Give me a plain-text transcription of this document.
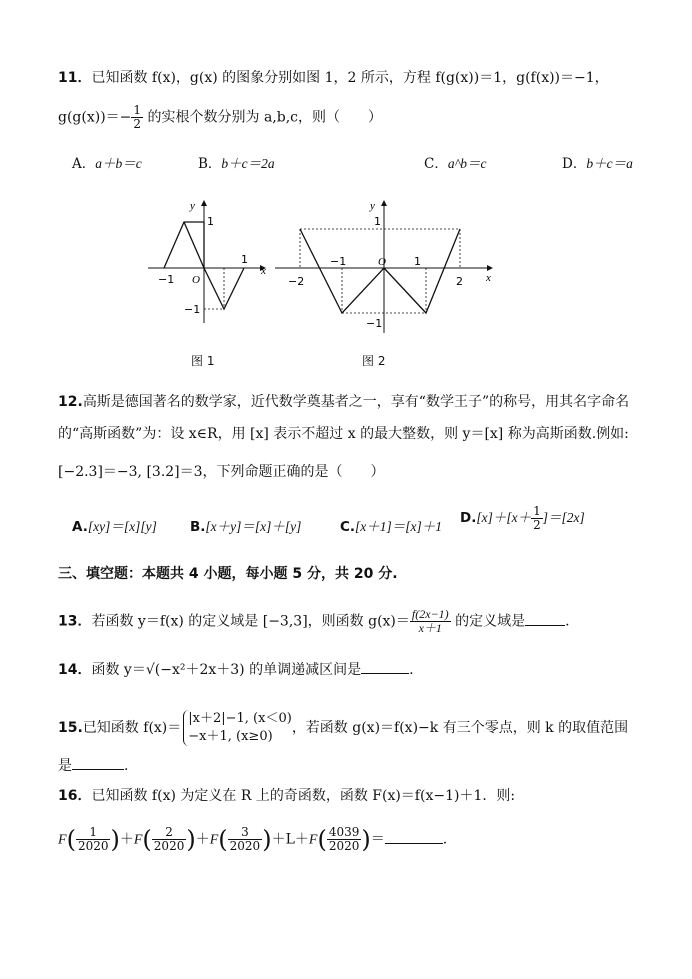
11．已知函数 f(x)，g(x) 的图象分别如图 1，2 所示，方程 f(g(x))＝1，g(f(x))＝−1，
$g(g(x))=- \frac{1}{2}$ 的实根个数分别为 a,b,c，则（　　）
A．a＋b＝c	B．b＋c＝2a	C．a^b＝c	D．b＋c＝a
y
x
1
−1 O
1
−1
图 1
y
x
1
−2
−1	O	1
2
−1
图 2
12.高斯是德国著名的数学家，近代数学奠基者之一，享有“数学王子”的称号，用其名字命名
的“高斯函数”为：设 x∈R，用 [x] 表示不超过 x 的最大整数，则 y＝[x] 称为高斯函数.例如:
[−2.3]＝−3, [3.2]＝3，下列命题正确的是（　　）
A.[xy]＝[x][y] B.[x＋y]＝[x]＋[y]	C.[x＋1]＝[x]＋1
$D.[x]+[x+ \frac{1}{2} ]=[2x]$
三、填空题：本题共 4 小题，每小题 5 分，共 20 分.
13．若函数 y＝f(x) 的定义域是 [−3,3]，则函数 $g(x)= \frac{f(2x-1)}{x+1}$ 的定义域是	.
14．函数 y＝√(−x²＋2x＋3) 的单调递减区间是	.
15.已知函数 f(x)＝
|x＋2|−1, (x＜0)
−x＋1, (x≥0)
，若函数 g(x)＝f(x)−k 有三个零点，则 k 的取值范围
是	.
16．已知函数 f(x) 为定义在 R 上的奇函数，函数 F(x)＝f(x−1)＋1．则:
$F( \frac{1}{2020} )+F( \frac{2}{2020} )+F( \frac{3}{2020} )+L+F( \frac{4039}{2020}$ )＝	.
